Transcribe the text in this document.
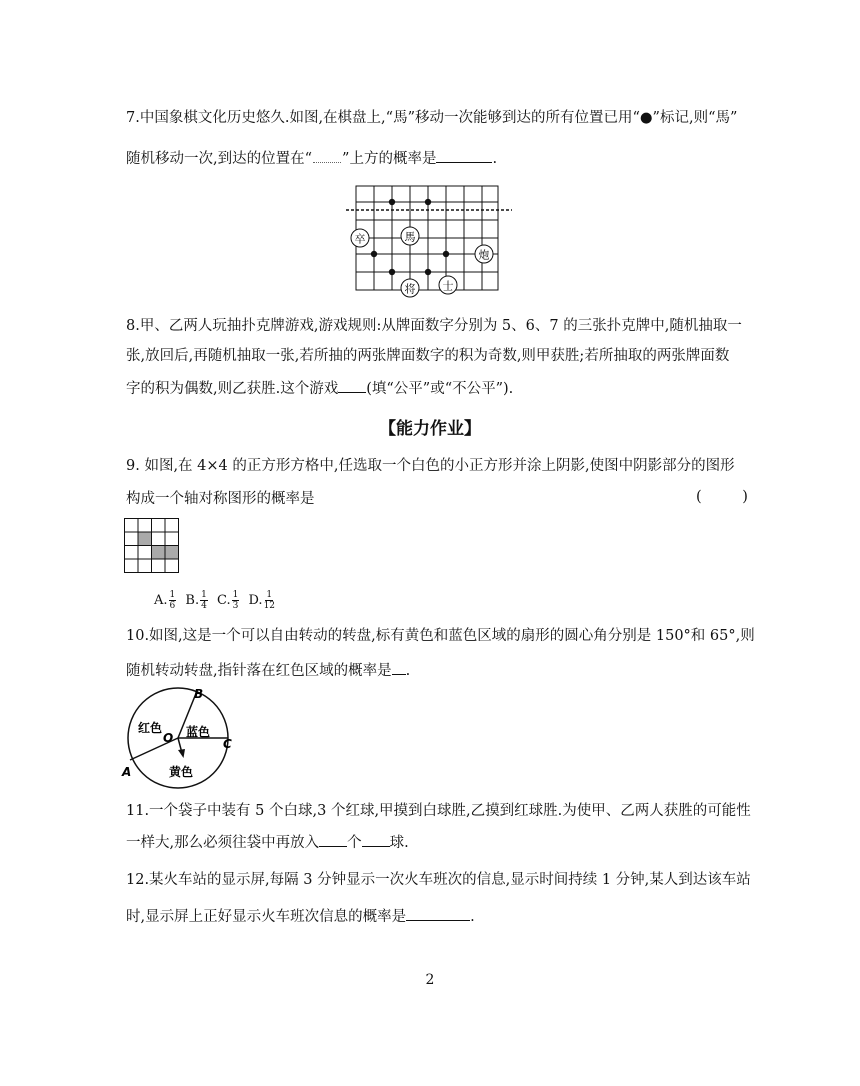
7.中国象棋文化历史悠久.如图,在棋盘上,“馬”移动一次能够到达的所有位置已用“●”标记,则“馬”
随机移动一次,到达的位置在“ ”上方的概率是	.
卒	馬
炮
将 士
8.甲、乙两人玩抽扑克牌游戏,游戏规则:从牌面数字分别为 5、6、7 的三张扑克牌中,随机抽取一
张,放回后,再随机抽取一张,若所抽的两张牌面数字的积为奇数,则甲获胜;若所抽取的两张牌面数
字的积为偶数,则乙获胜.这个游戏 (填“公平”或“不公平”).
【能力作业】
9. 如图,在 4×4 的正方形方格中,任选取一个白色的小正方形并涂上阴影,使图中阴影部分的图形
构成一个轴对称图形的概率是	( )
A. $\frac{1}{6} B$. $\frac{1}{4} C$. $\frac{1}{3} D$. $\frac{1}{12}$
10.如图,这是一个可以自由转动的转盘,标有黄色和蓝色区域的扇形的圆心角分别是 150°和 65°,则
随机转动转盘,指针落在红色区域的概率是 .
B
C
A
O
红色 蓝色
黄色
11.一个袋子中装有 5 个白球,3 个红球,甲摸到白球胜,乙摸到红球胜.为使甲、乙两人获胜的可能性
一样大,那么必须往袋中再放入 个 球.
12.某火车站的显示屏,每隔 3 分钟显示一次火车班次的信息,显示时间持续 1 分钟,某人到达该车站
时,显示屏上正好显示火车班次信息的概率是	.
2
